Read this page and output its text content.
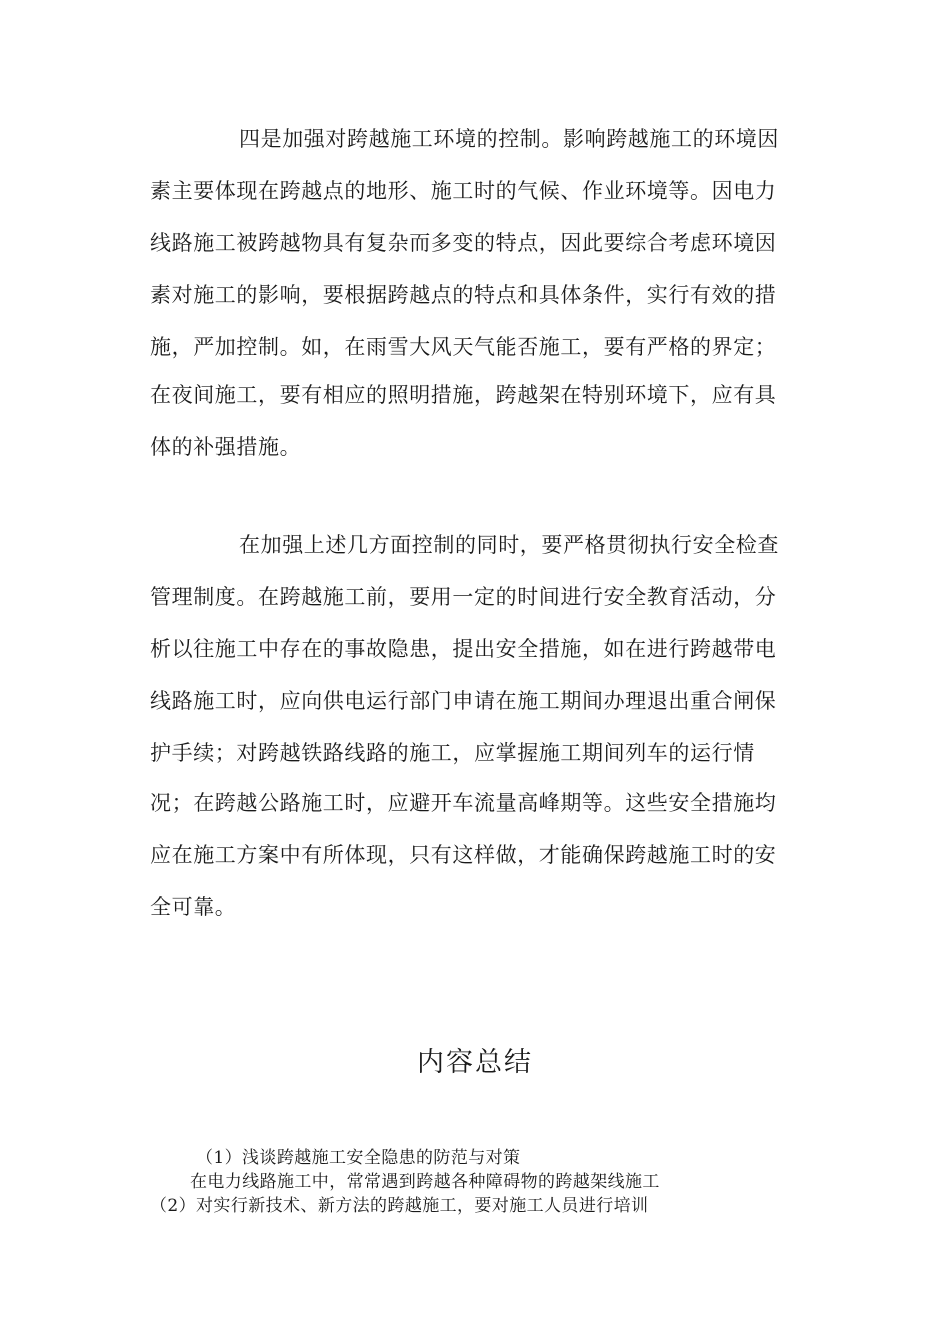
四是加强对跨越施工环境的控制。影响跨越施工的环境因
素主要体现在跨越点的地形、施工时的气候、作业环境等。因电力
线路施工被跨越物具有复杂而多变的特点，因此要综合考虑环境因
素对施工的影响，要根据跨越点的特点和具体条件，实行有效的措
施，严加控制。如，在雨雪大风天气能否施工，要有严格的界定；
在夜间施工，要有相应的照明措施，跨越架在特别环境下，应有具
体的补强措施。
在加强上述几方面控制的同时，要严格贯彻执行安全检查
管理制度。在跨越施工前，要用一定的时间进行安全教育活动，分
析以往施工中存在的事故隐患，提出安全措施，如在进行跨越带电
线路施工时，应向供电运行部门申请在施工期间办理退出重合闸保
护手续；对跨越铁路线路的施工，应掌握施工期间列车的运行情
况；在跨越公路施工时，应避开车流量高峰期等。这些安全措施均
应在施工方案中有所体现，只有这样做，才能确保跨越施工时的安
全可靠。
内容总结
（1）浅谈跨越施工安全隐患的防范与对策
在电力线路施工中，常常遇到跨越各种障碍物的跨越架线施工
（2）对实行新技术、新方法的跨越施工，要对施工人员进行培训
